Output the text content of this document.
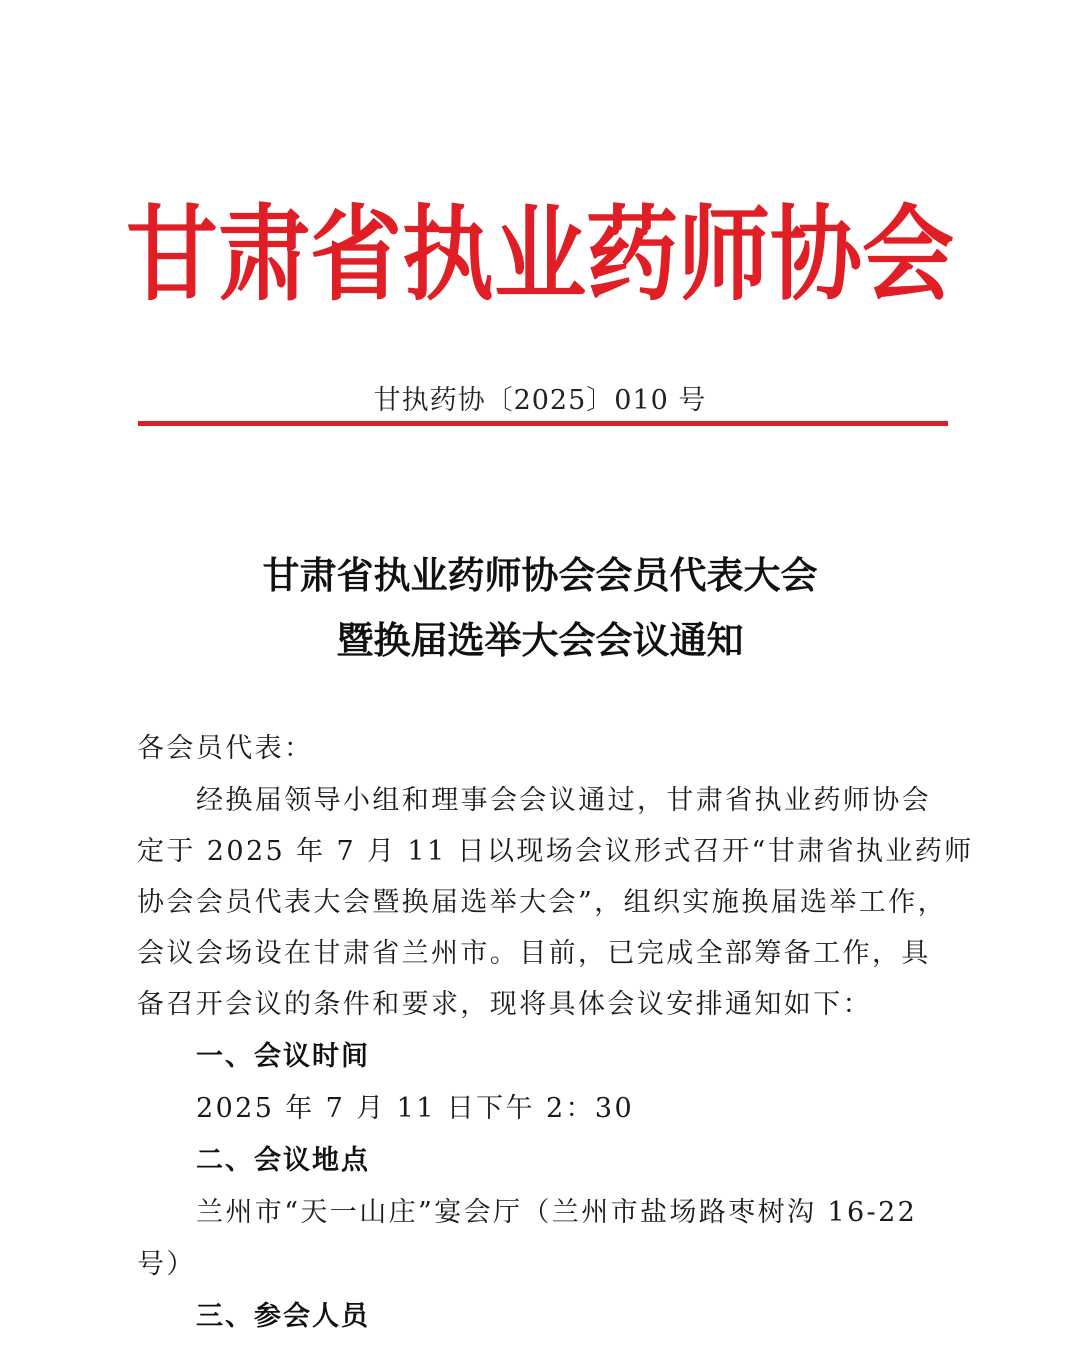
甘肃省执业药师协会
甘执药协〔2025〕010 号
甘肃省执业药师协会会员代表大会
暨换届选举大会会议通知
各会员代表：
经换届领导小组和理事会会议通过，甘肃省执业药师协会
定于 2025 年 7 月 11 日以现场会议形式召开“甘肃省执业药师
协会会员代表大会暨换届选举大会”，组织实施换届选举工作，
会议会场设在甘肃省兰州市。目前，已完成全部筹备工作，具
备召开会议的条件和要求，现将具体会议安排通知如下：
一、会议时间
2025 年 7 月 11 日下午 2：30
二、会议地点
兰州市“天一山庄”宴会厅（兰州市盐场路枣树沟 16-22
号）
三、参会人员
